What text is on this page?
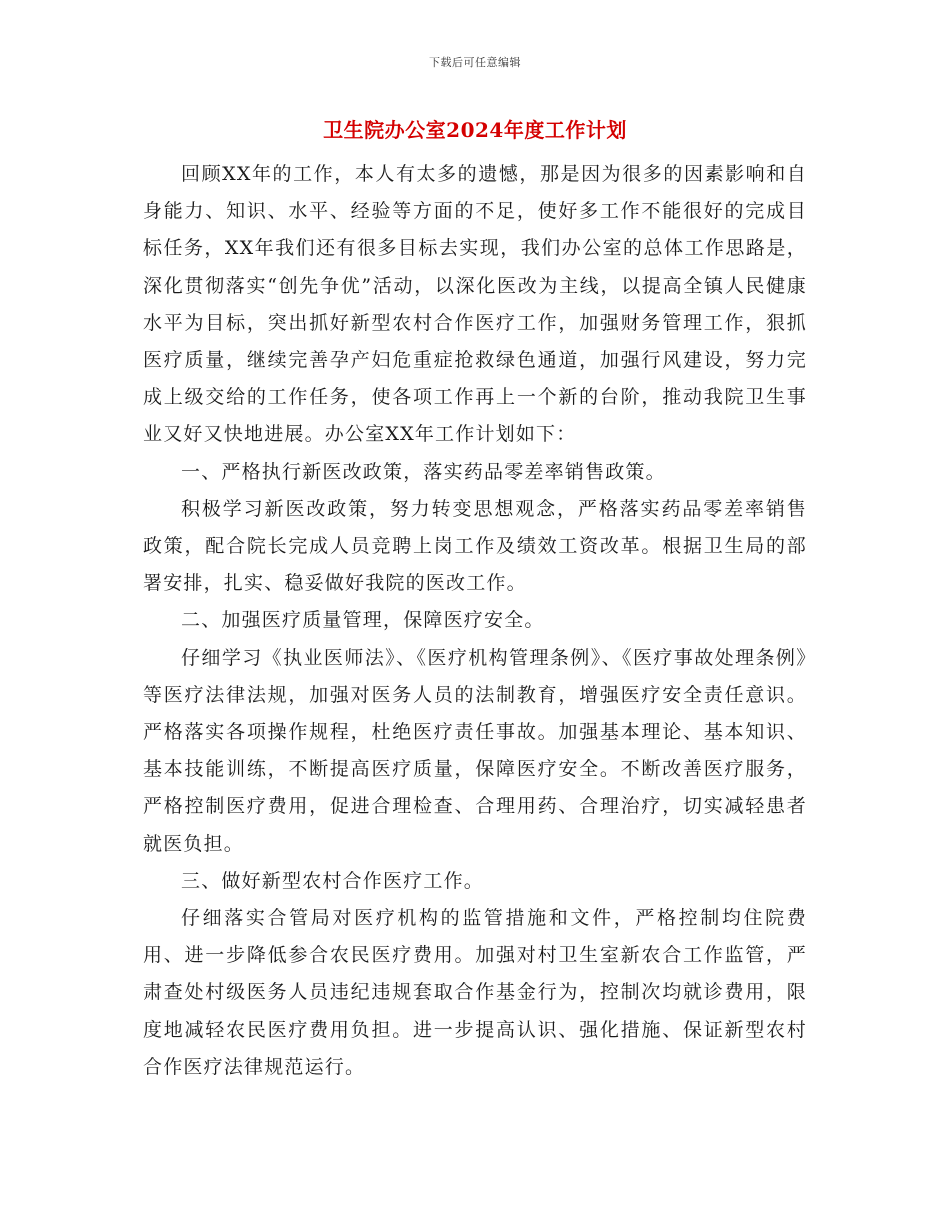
下载后可任意编辑
卫生院办公室2024年度工作计划

回顾XX年的工作，本人有太多的遗憾，那是因为很多的因素影响和自身能力、知识、水平、经验等方面的不足，使好多工作不能很好的完成目标任务，XX年我们还有很多目标去实现，我们办公室的总体工作思路是，深化贯彻落实“创先争优”活动，以深化医改为主线，以提高全镇人民健康水平为目标，突出抓好新型农村合作医疗工作，加强财务管理工作，狠抓医疗质量，继续完善孕产妇危重症抢救绿色通道，加强行风建设，努力完成上级交给的工作任务，使各项工作再上一个新的台阶，推动我院卫生事业又好又快地进展。办公室XX年工作计划如下：

一、严格执行新医改政策，落实药品零差率销售政策。

积极学习新医改政策，努力转变思想观念，严格落实药品零差率销售政策，配合院长完成人员竞聘上岗工作及绩效工资改革。根据卫生局的部署安排，扎实、稳妥做好我院的医改工作。

二、加强医疗质量管理，保障医疗安全。

仔细学习《执业医师法》、《医疗机构管理条例》、《医疗事故处理条例》等医疗法律法规，加强对医务人员的法制教育，增强医疗安全责任意识。严格落实各项操作规程，杜绝医疗责任事故。加强基本理论、基本知识、基本技能训练，不断提高医疗质量，保障医疗安全。不断改善医疗服务，严格控制医疗费用，促进合理检查、合理用药、合理治疗，切实减轻患者就医负担。

三、做好新型农村合作医疗工作。

仔细落实合管局对医疗机构的监管措施和文件，严格控制均住院费用、进一步降低参合农民医疗费用。加强对村卫生室新农合工作监管，严肃查处村级医务人员违纪违规套取合作基金行为，控制次均就诊费用，限度地减轻农民医疗费用负担。进一步提高认识、强化措施、保证新型农村合作医疗法律规范运行。
